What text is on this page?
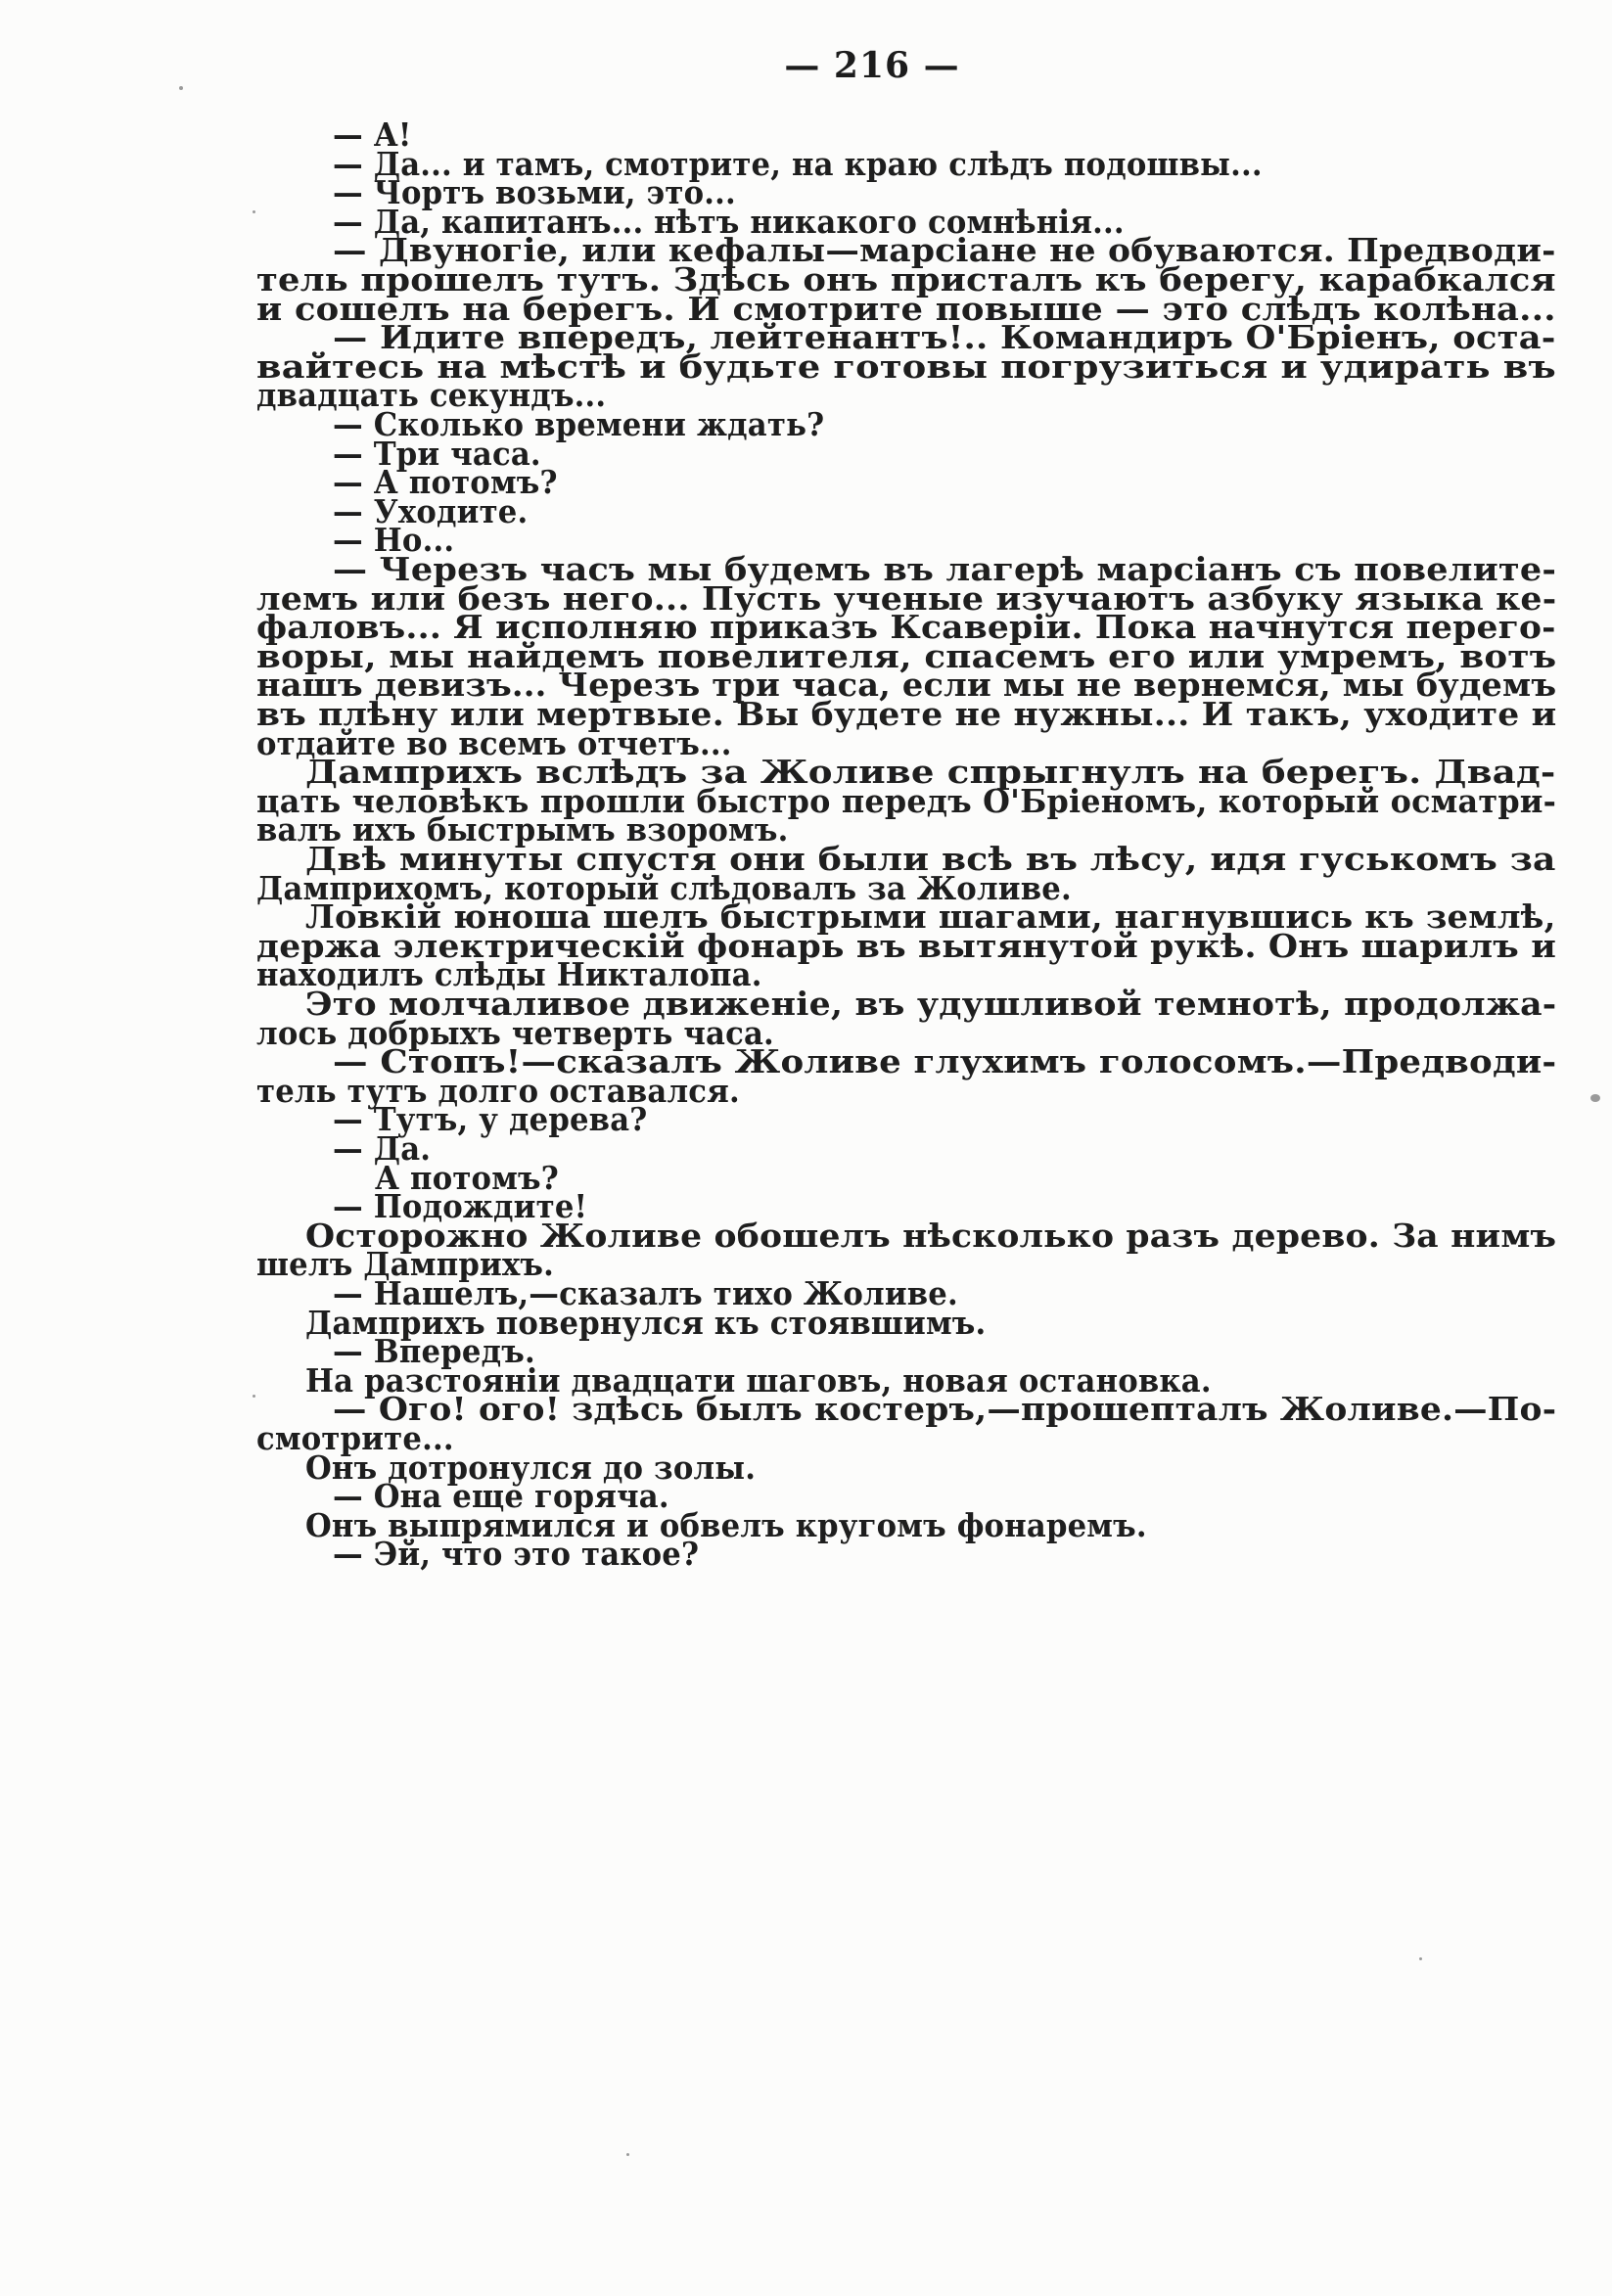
— 216 —
— А!
— Да... и тамъ, смотрите, на краю слѣдъ подошвы...
— Чортъ возьми, это...
— Да, капитанъ... нѣтъ никакого сомнѣнія...
— Двуногіе, или кефалы—марсіане не обуваются. Предводи-
тель прошелъ тутъ. Здѣсь онъ присталъ къ берегу, карабкался
и сошелъ на берегъ. И смотрите повыше — это слѣдъ колѣна...
— Идите впередъ, лейтенантъ!.. Командиръ О'Бріенъ, оста-
вайтесь на мѣстѣ и будьте готовы погрузиться и удирать въ
двадцать секундъ...
— Сколько времени ждать?
— Три часа.
— А потомъ?
— Уходите.
— Но...
— Черезъ часъ мы будемъ въ лагерѣ марсіанъ съ повелите-
лемъ или безъ него... Пусть ученые изучаютъ азбуку языка ке-
фаловъ... Я исполняю приказъ Ксаверіи. Пока начнутся перего-
воры, мы найдемъ повелителя, спасемъ его или умремъ, вотъ
нашъ девизъ... Черезъ три часа, если мы не вернемся, мы будемъ
въ плѣну или мертвые. Вы будете не нужны... И такъ, уходите и
отдайте во всемъ отчетъ...
Дамприхъ вслѣдъ за Жоливе спрыгнулъ на берегъ. Двад-
цать человѣкъ прошли быстро передъ О'Бріеномъ, который осматри-
валъ ихъ быстрымъ взоромъ.
Двѣ минуты спустя они были всѣ въ лѣсу, идя гуськомъ за
Дамприхомъ, который слѣдовалъ за Жоливе.
Ловкій юноша шелъ быстрыми шагами, нагнувшись къ землѣ,
держа электрическій фонарь въ вытянутой рукѣ. Онъ шарилъ и
находилъ слѣды Никталопа.
Это молчаливое движеніе, въ удушливой темнотѣ, продолжа-
лось добрыхъ четверть часа.
— Стопъ!—сказалъ Жоливе глухимъ голосомъ.—Предводи-
тель тутъ долго оставался.
— Тутъ, у дерева?
— Да.
А потомъ?
— Подождите!
Осторожно Жоливе обошелъ нѣсколько разъ дерево. За нимъ
шелъ Дамприхъ.
— Нашелъ,—сказалъ тихо Жоливе.
Дамприхъ повернулся къ стоявшимъ.
— Впередъ.
На разстояніи двадцати шаговъ, новая остановка.
— Ого! ого! здѣсь былъ костеръ,—прошепталъ Жоливе.—По-
смотрите...
Онъ дотронулся до золы.
— Она еще горяча.
Онъ выпрямился и обвелъ кругомъ фонаремъ.
— Эй, что это такое?
